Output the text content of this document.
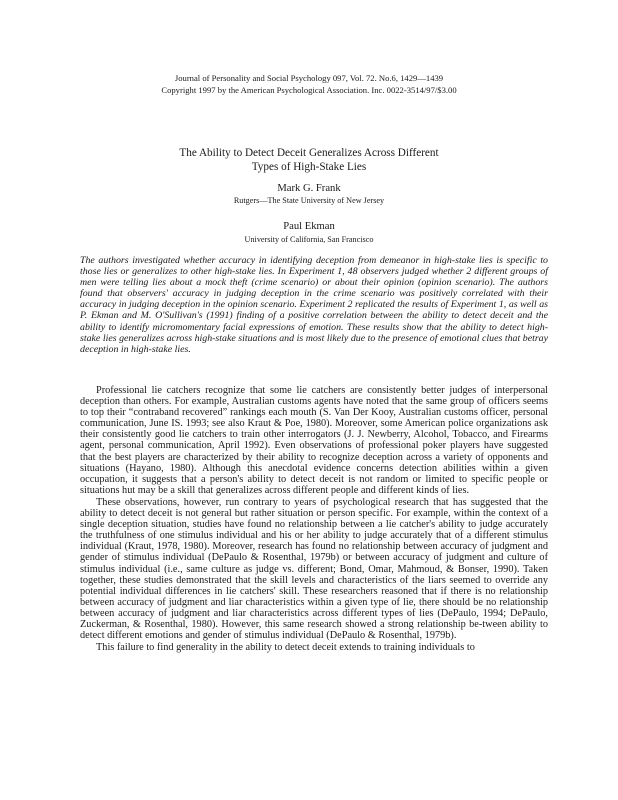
Journal of Personality and Social Psychology 097, Vol. 72. No.6, 1429—1439
Copyright 1997 by the American Psychological Association. Inc. 0022-3514/97/$3.00
The Ability to Detect Deceit Generalizes Across Different
Types of High-Stake Lies
Mark G. Frank
Rutgers—The State University of New Jersey
Paul Ekman
University of California, San Francisco

The authors investigated whether accuracy in identifying deception from demeanor in high-stake lies is specific to those lies or generalizes to other high-stake lies. In Experiment 1, 48 observers judged whether 2 different groups of men were telling lies about a mock theft (crime scenario) or about their opinion (opinion scenario). The authors found that observers' accuracy in judging deception in the crime scenario was positively correlated with their accuracy in judging deception in the opinion scenario. Experiment 2 replicated the results of Experiment 1, as well as P. Ekman and M. O'Sullivan's (1991) finding of a positive correlation between the ability to detect deceit and the ability to identify micromomentary facial expressions of emotion. These results show that the ability to detect high-stake lies generalizes across high-stake situations and is most likely due to the presence of emotional clues that betray deception in high-stake lies.

Professional lie catchers recognize that some lie catchers are consistently better judges of interpersonal deception than others. For example, Australian customs agents have noted that the same group of officers seems to top their “contraband recovered” rankings each mouth (S. Van Der Kooy, Australian customs officer, personal communication, June IS. 1993; see also Kraut & Poe, 1980). Moreover, some American police organizations ask their consistently good lie catchers to train other interrogators (J. J. Newberry, Alcohol, Tobacco, and Firearms agent, personal communication, April 1992). Even observations of professional poker players have suggested that the best players are characterized by their ability to recognize deception across a variety of opponents and situations (Hayano, 1980). Although this anecdotal evidence concerns detection abilities within a given occupation, it suggests that a person's ability to detect deceit is not random or limited to specific people or situations hut may be a skill that generalizes across different people and different kinds of lies.

These observations, however, run contrary to years of psychological research that has suggested that the ability to detect deceit is not general but rather situation or person specific. For example, within the context of a single deception situation, studies have found no relationship between a lie catcher's ability to judge accurately the truthfulness of one stimulus individual and his or her ability to judge accurately that of a different stimulus individual (Kraut, 1978, 1980). Moreover, research has found no relationship between accuracy of judgment and gender of stimulus individual (DePaulo & Rosenthal, 1979b) or between accuracy of judgment and culture of stimulus individual (i.e., same culture as judge vs. different; Bond, Omar, Mahmoud, & Bonser, 1990). Taken together, these studies demonstrated that the skill levels and characteristics of the liars seemed to override any potential individual differences in lie catchers' skill. These researchers reasoned that if there is no relationship between accuracy of judgment and liar characteristics within a given type of lie, there should be no relationship between accuracy of judgment and liar characteristics across different types of lies (DePaulo, 1994; DePaulo, Zuckerman, & Rosenthal, 1980). However, this same research showed a strong relationship be-tween ability to detect different emotions and gender of stimulus individual (DePaulo & Rosenthal, 1979b).

This failure to find generality in the ability to detect deceit extends to training individuals to
